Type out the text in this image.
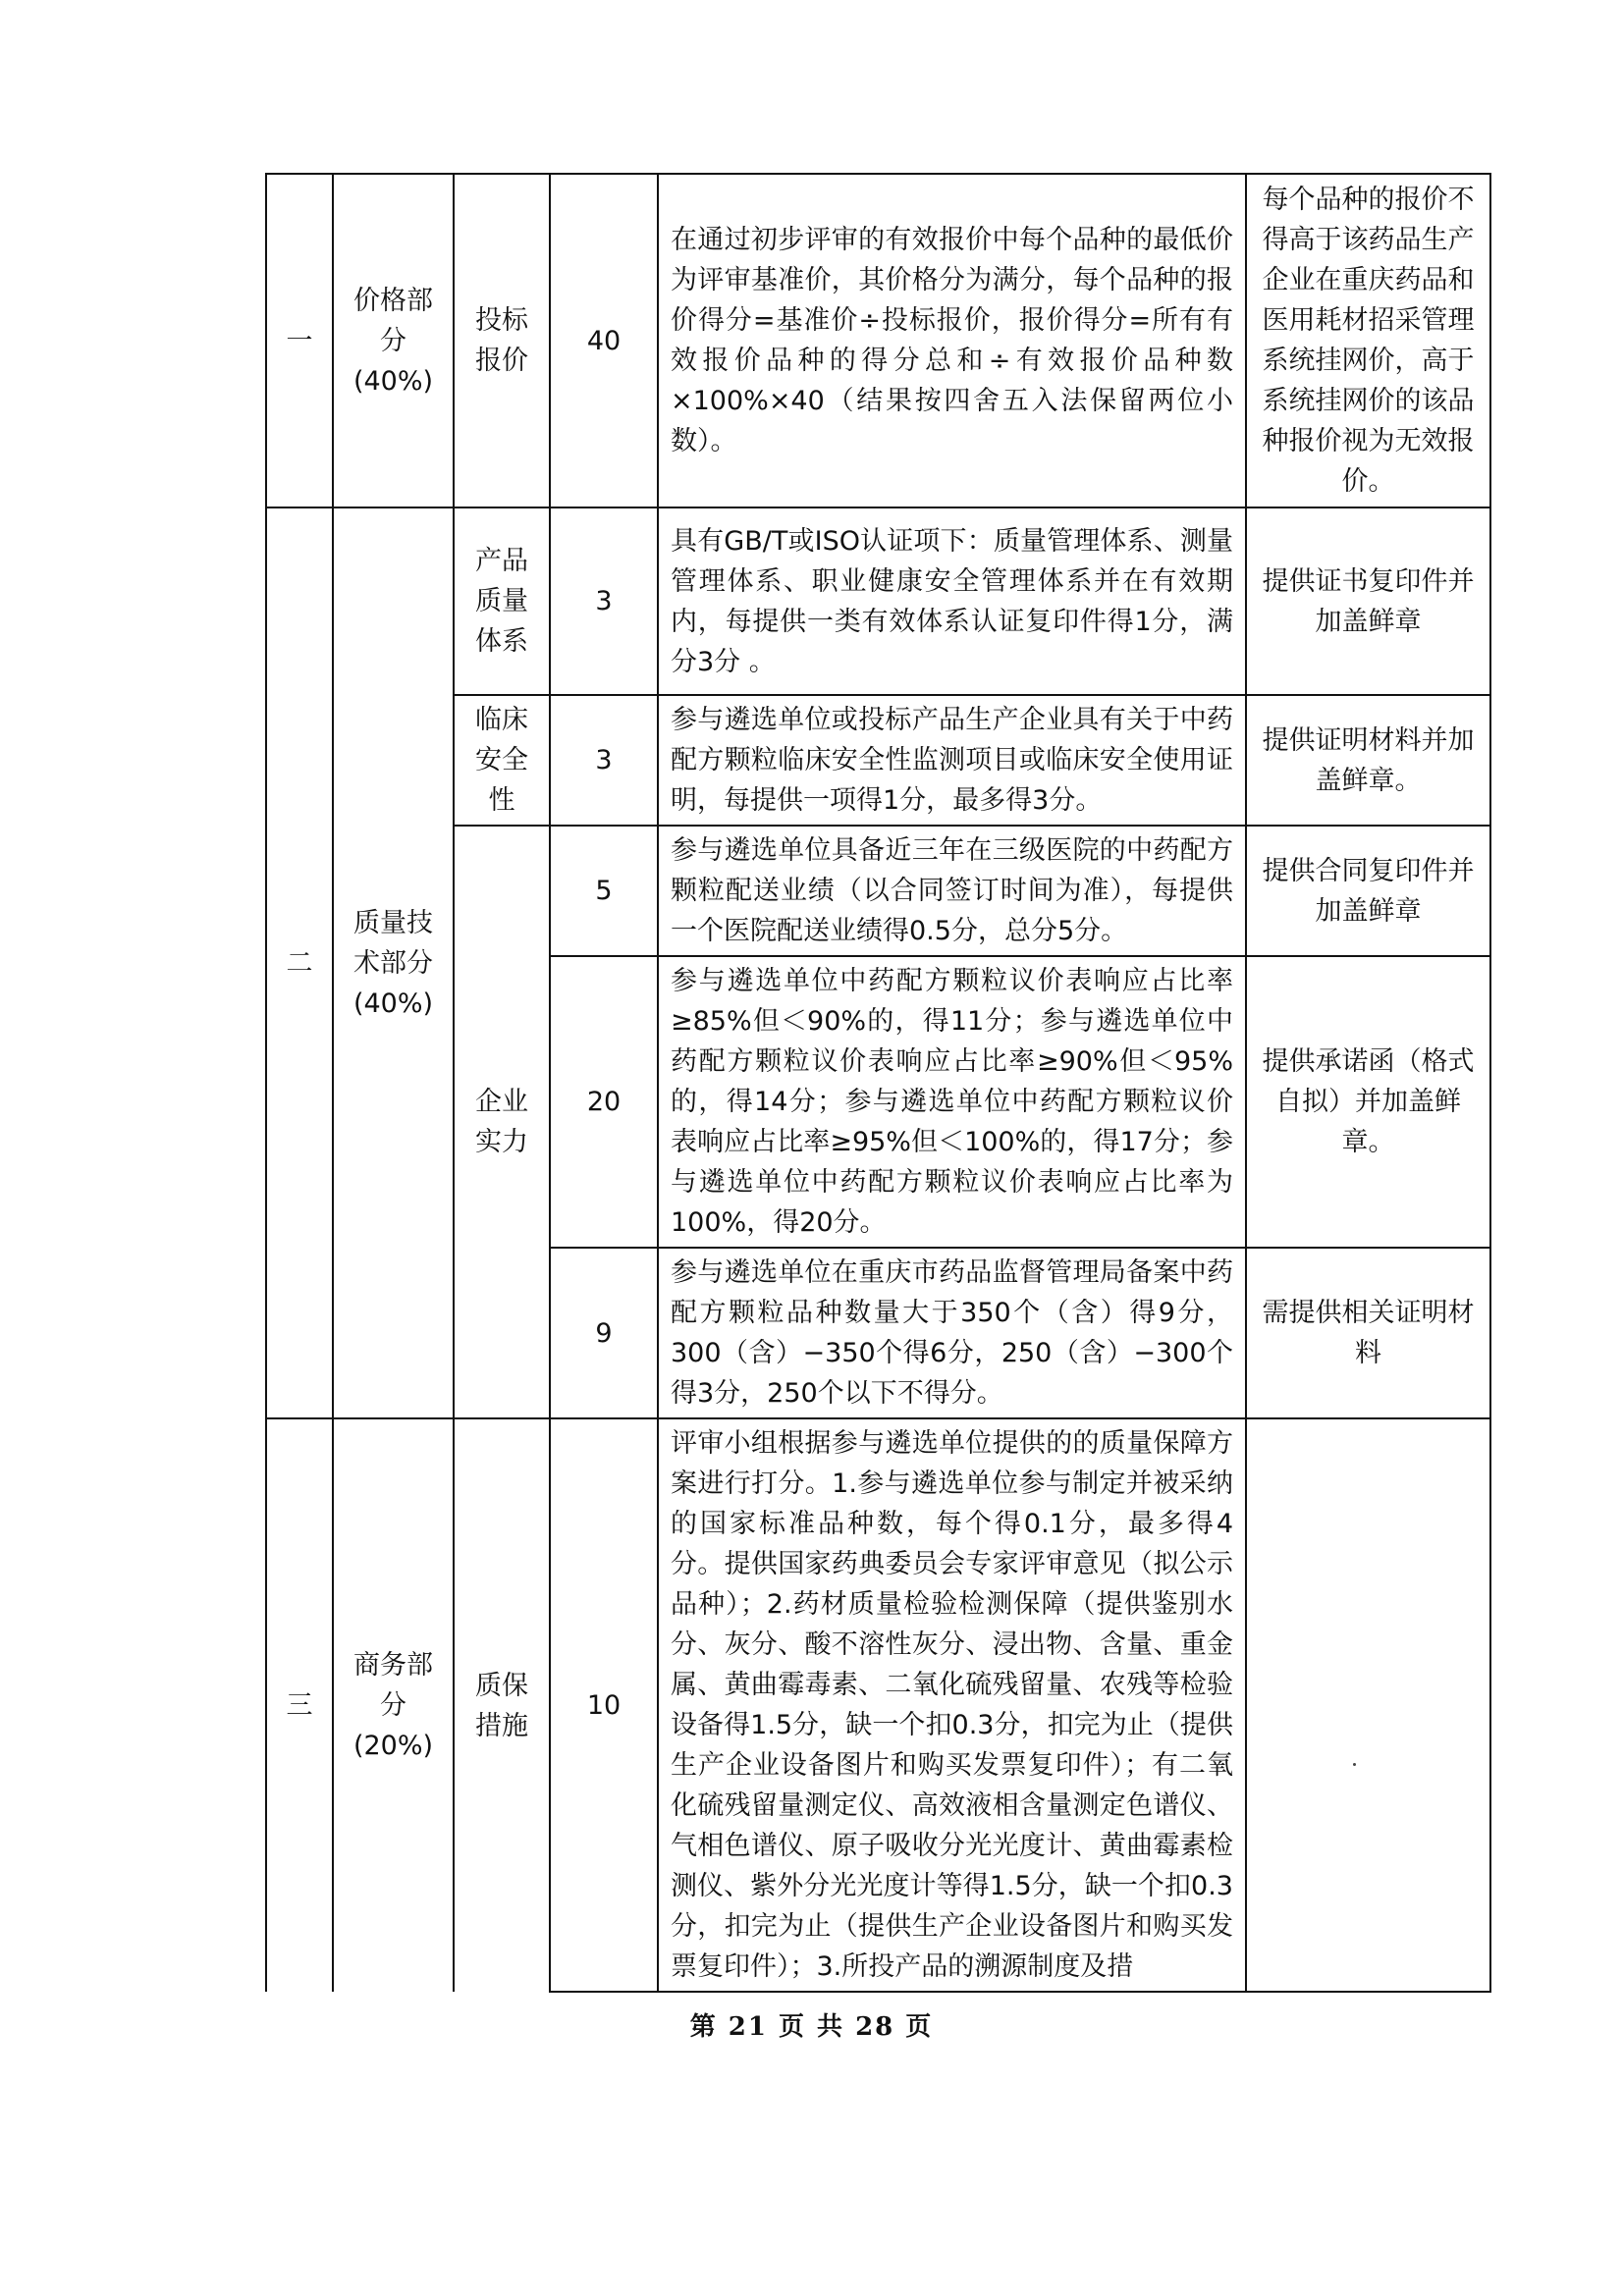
一	价格部分(40%)	投标报价	40	在通过初步评审的有效报价中每个品种的最低价为评审基准价，其价格分为满分，每个品种的报价得分=基准价÷投标报价，报价得分=所有有效报价品种的得分总和÷有效报价品种数×100%×40（结果按四舍五入法保留两位小数）。	每个品种的报价不得高于该药品生产企业在重庆药品和医用耗材招采管理系统挂网价，高于系统挂网价的该品种报价视为无效报价。
二	质量技术部分(40%)	产品质量体系	3	具有GB/T或ISO认证项下：质量管理体系、测量管理体系、职业健康安全管理体系并在有效期内，每提供一类有效体系认证复印件得1分，满分3分 。	提供证书复印件并加盖鲜章
		临床安全性	3	参与遴选单位或投标产品生产企业具有关于中药配方颗粒临床安全性监测项目或临床安全使用证明，每提供一项得1分，最多得3分。	提供证明材料并加盖鲜章。
		企业实力	5	参与遴选单位具备近三年在三级医院的中药配方颗粒配送业绩（以合同签订时间为准），每提供一个医院配送业绩得0.5分，总分5分。	提供合同复印件并加盖鲜章
			20	参与遴选单位中药配方颗粒议价表响应占比率≥85%但＜90%的，得11分；参与遴选单位中药配方颗粒议价表响应占比率≥90%但＜95%的，得14分；参与遴选单位中药配方颗粒议价表响应占比率≥95%但＜100%的，得17分；参与遴选单位中药配方颗粒议价表响应占比率为100%，得20分。	提供承诺函（格式自拟）并加盖鲜章。
			9	参与遴选单位在重庆市药品监督管理局备案中药配方颗粒品种数量大于350个（含）得9分，300（含）−350个得6分，250（含）−300个得3分，250个以下不得分。	需提供相关证明材料
三	商务部分(20%)	质保措施	10	评审小组根据参与遴选单位提供的的质量保障方案进行打分。1.参与遴选单位参与制定并被采纳的国家标准品种数，每个得0.1分，最多得4分。提供国家药典委员会专家评审意见（拟公示品种）；2.药材质量检验检测保障（提供鉴别水分、灰分、酸不溶性灰分、浸出物、含量、重金属、黄曲霉毒素、二氧化硫残留量、农残等检验设备得1.5分，缺一个扣0.3分，扣完为止（提供生产企业设备图片和购买发票复印件）；有二氧化硫残留量测定仪、高效液相含量测定色谱仪、气相色谱仪、原子吸收分光光度计、黄曲霉素检测仪、紫外分光光度计等得1.5分，缺一个扣0.3分，扣完为止（提供生产企业设备图片和购买发票复印件）；3.所投产品的溯源制度及措	
第 21 页 共 28 页
